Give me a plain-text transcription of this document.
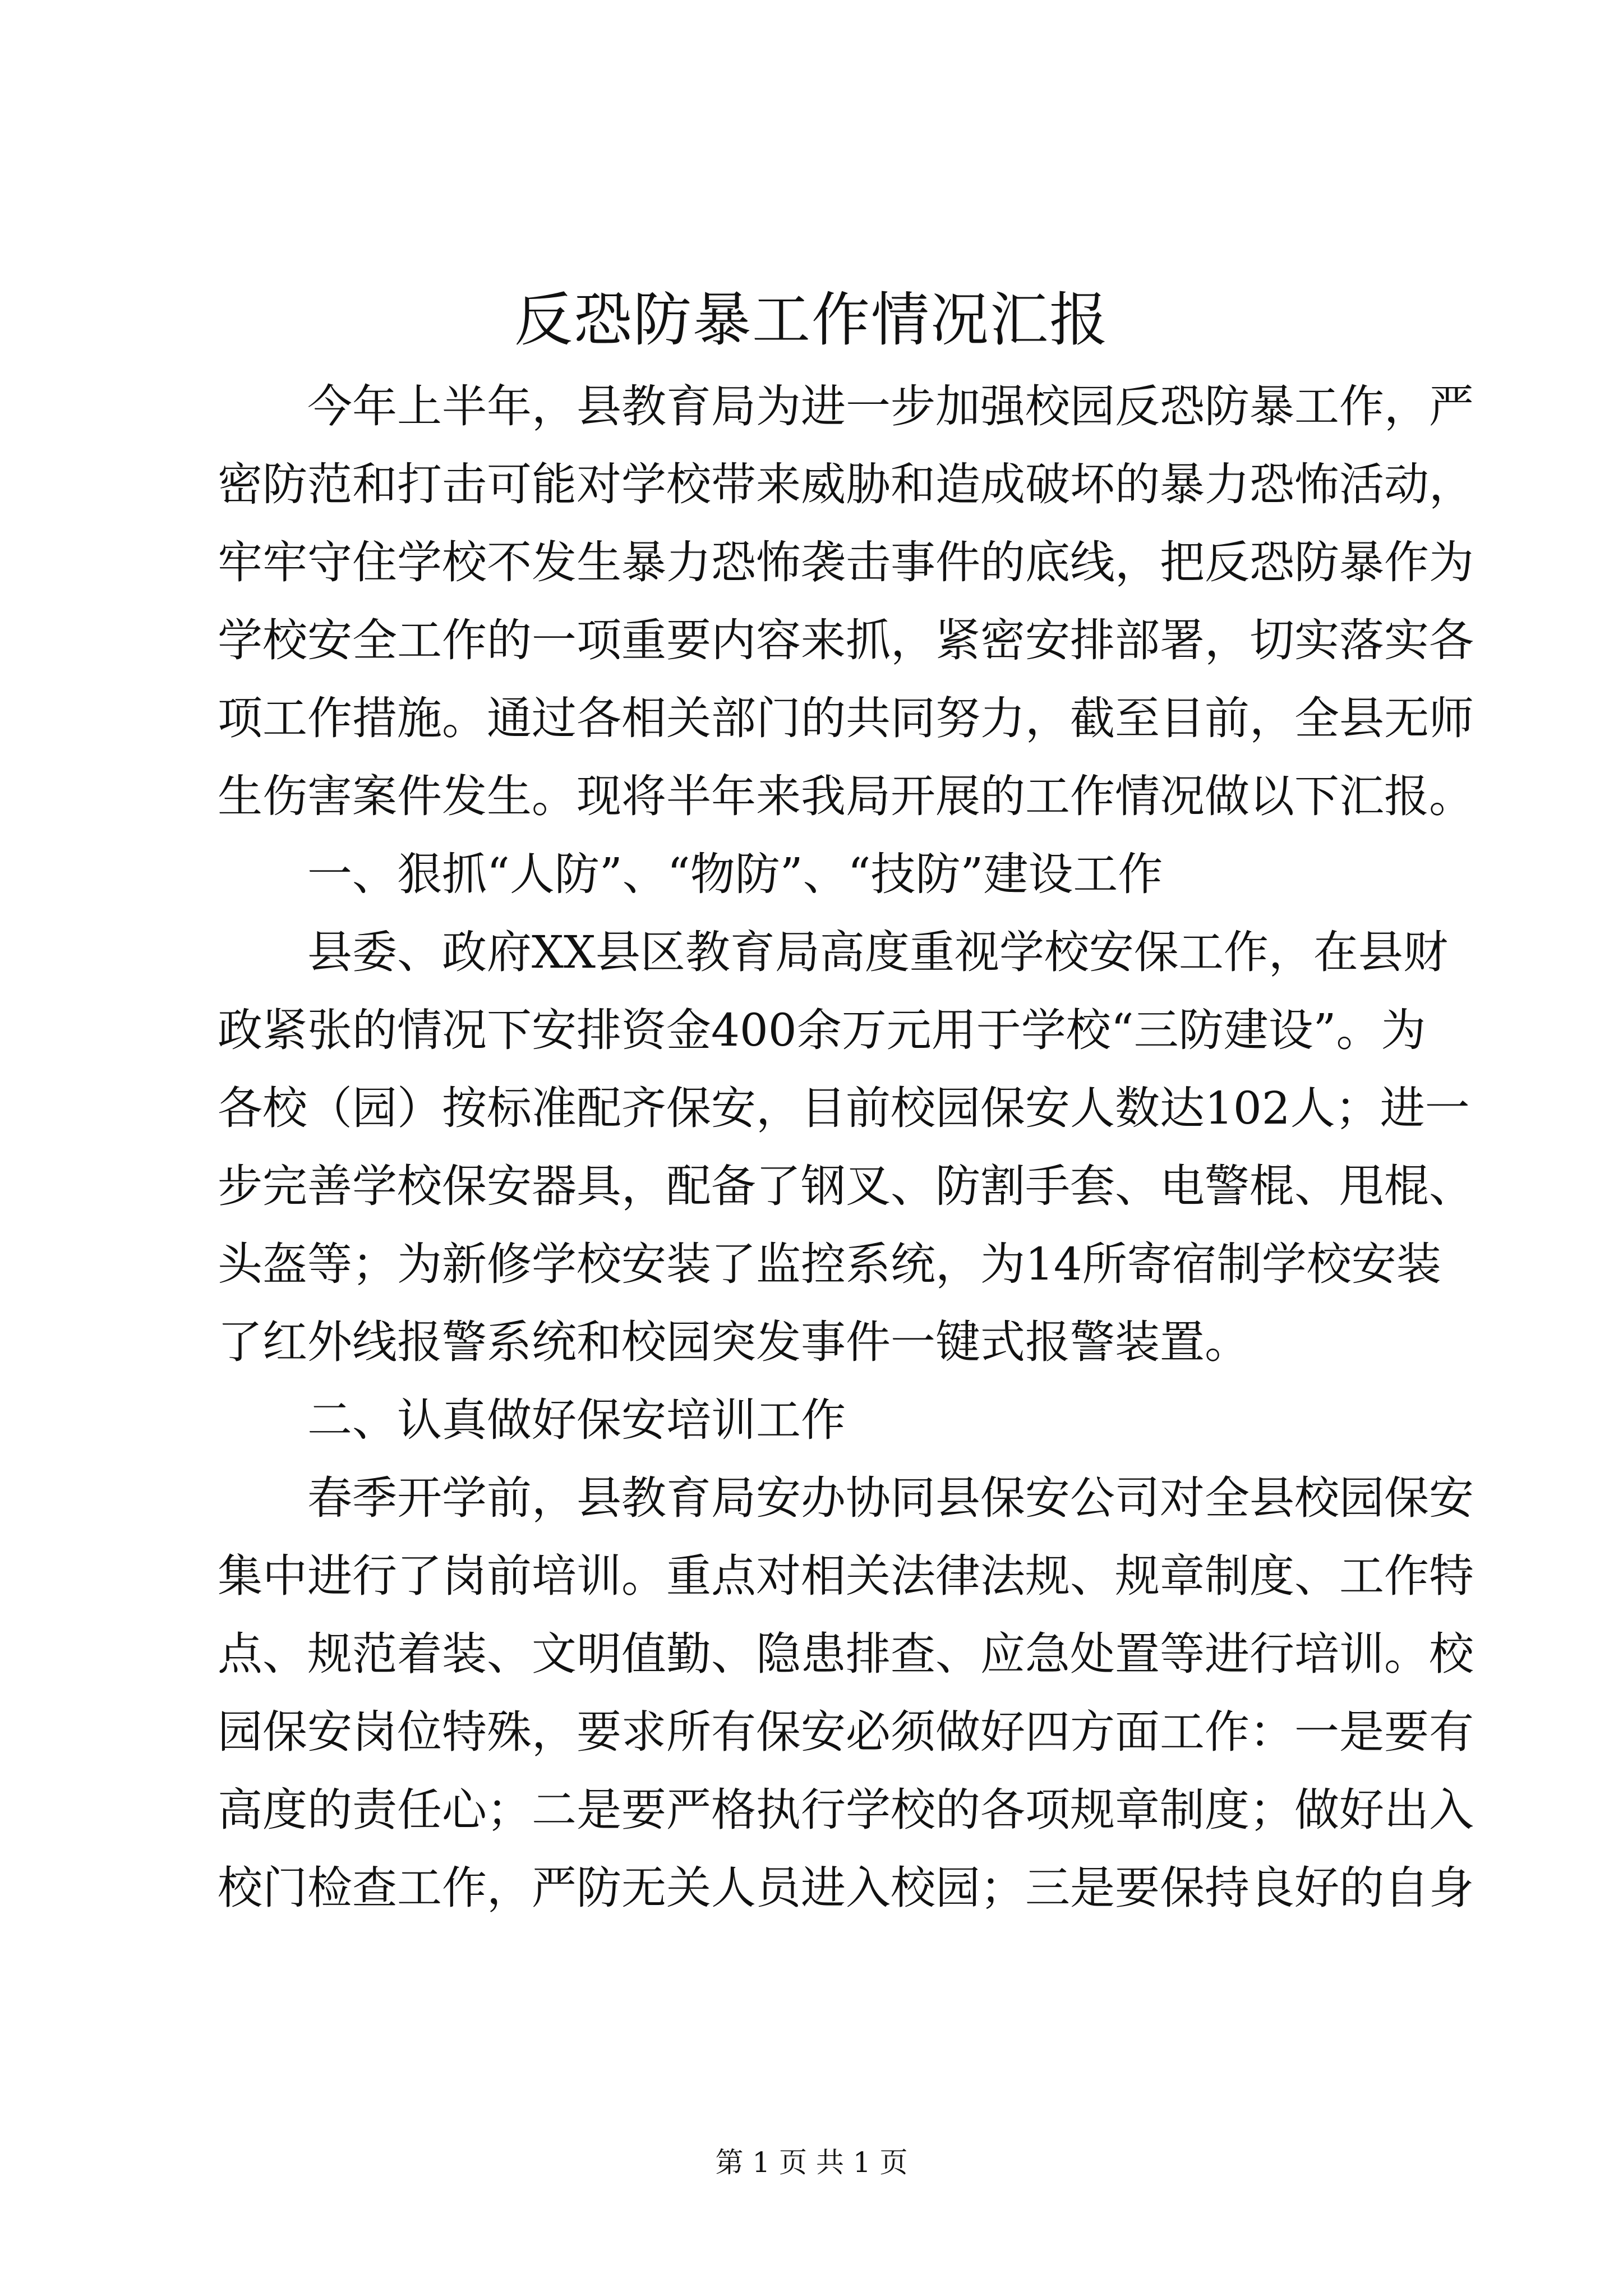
反恐防暴工作情况汇报
今年上半年，县教育局为进一步加强校园反恐防暴工作，严
密防范和打击可能对学校带来威胁和造成破坏的暴力恐怖活动，
牢牢守住学校不发生暴力恐怖袭击事件的底线，把反恐防暴作为
学校安全工作的一项重要内容来抓，紧密安排部署，切实落实各
项工作措施。通过各相关部门的共同努力，截至目前，全县无师
生伤害案件发生。现将半年来我局开展的工作情况做以下汇报。
一、狠抓“人防”、“物防”、“技防”建设工作
县委、政府XX县区教育局高度重视学校安保工作，在县财
政紧张的情况下安排资金400余万元用于学校“三防建设”。为
各校（园）按标准配齐保安，目前校园保安人数达102人；进一
步完善学校保安器具，配备了钢叉、防割手套、电警棍、甩棍、
头盔等；为新修学校安装了监控系统，为14所寄宿制学校安装
了红外线报警系统和校园突发事件一键式报警装置。
二、认真做好保安培训工作
春季开学前，县教育局安办协同县保安公司对全县校园保安
集中进行了岗前培训。重点对相关法律法规、规章制度、工作特
点、规范着装、文明值勤、隐患排查、应急处置等进行培训。校
园保安岗位特殊，要求所有保安必须做好四方面工作：一是要有
高度的责任心；二是要严格执行学校的各项规章制度；做好出入
校门检查工作，严防无关人员进入校园；三是要保持良好的自身
第 1 页 共 1 页
